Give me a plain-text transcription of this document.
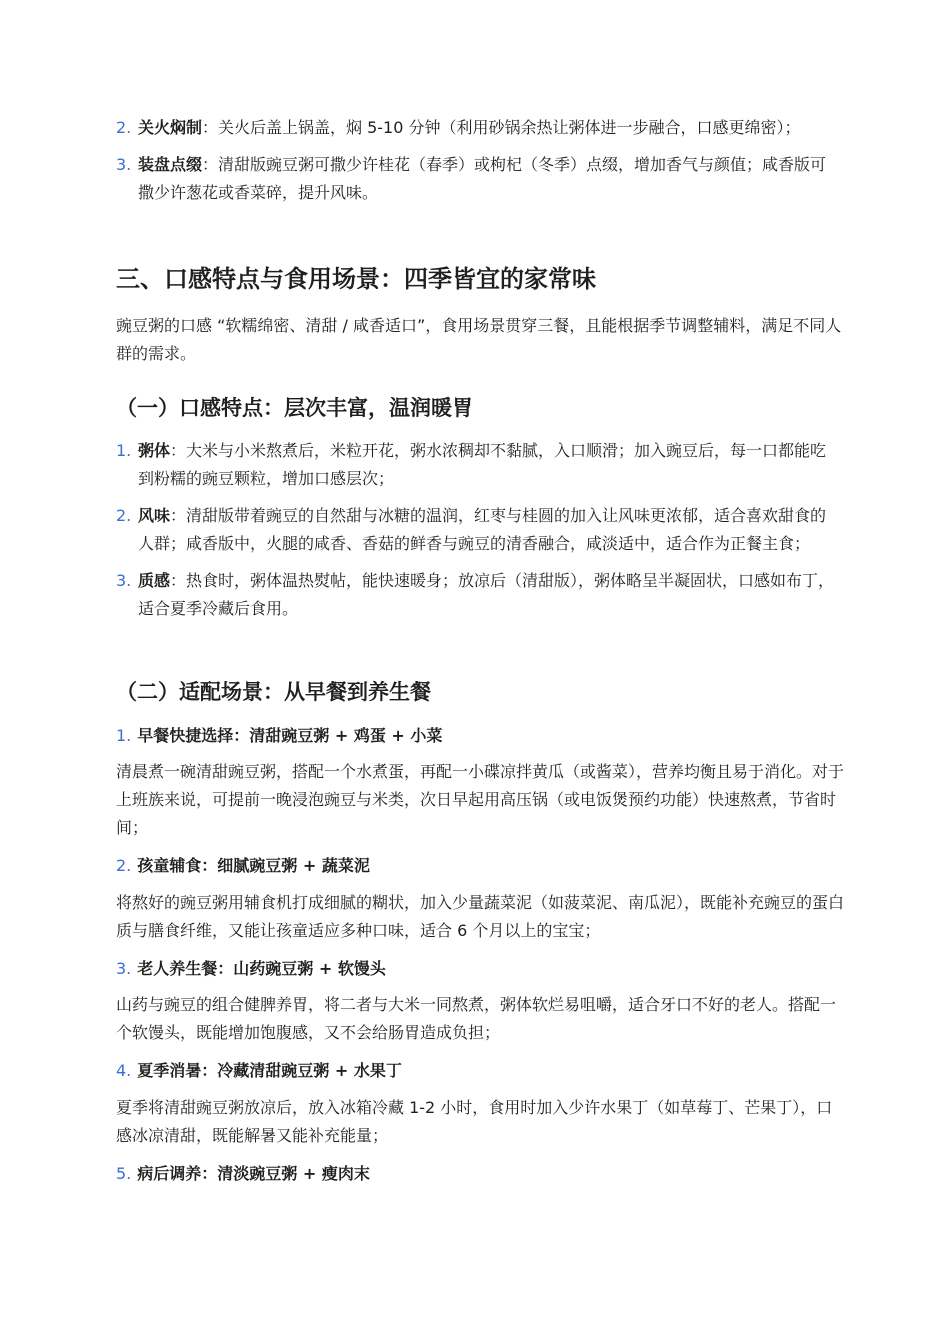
2. 关火焖制：关火后盖上锅盖，焖 5-10 分钟（利用砂锅余热让粥体进一步融合，口感更绵密）；
3. 装盘点缀：清甜版豌豆粥可撒少许桂花（春季）或枸杞（冬季）点缀，增加香气与颜值；咸香版可撒少许葱花或香菜碎，提升风味。
三、口感特点与食用场景：四季皆宜的家常味

豌豆粥的口感 “软糯绵密、清甜 / 咸香适口”，食用场景贯穿三餐，且能根据季节调整辅料，满足不同人群的需求。

（一）口感特点：层次丰富，温润暖胃
1. 粥体：大米与小米熬煮后，米粒开花，粥水浓稠却不黏腻，入口顺滑；加入豌豆后，每一口都能吃到粉糯的豌豆颗粒，增加口感层次；
2. 风味：清甜版带着豌豆的自然甜与冰糖的温润，红枣与桂圆的加入让风味更浓郁，适合喜欢甜食的人群；咸香版中，火腿的咸香、香菇的鲜香与豌豆的清香融合，咸淡适中，适合作为正餐主食；
3. 质感：热食时，粥体温热熨帖，能快速暖身；放凉后（清甜版），粥体略呈半凝固状，口感如布丁，适合夏季冷藏后食用。
（二）适配场景：从早餐到养生餐
1. 早餐快捷选择：清甜豌豆粥 + 鸡蛋 + 小菜

清晨煮一碗清甜豌豆粥，搭配一个水煮蛋，再配一小碟凉拌黄瓜（或酱菜），营养均衡且易于消化。对于上班族来说，可提前一晚浸泡豌豆与米类，次日早起用高压锅（或电饭煲预约功能）快速熬煮，节省时间；

2. 孩童辅食：细腻豌豆粥 + 蔬菜泥

将熬好的豌豆粥用辅食机打成细腻的糊状，加入少量蔬菜泥（如菠菜泥、南瓜泥），既能补充豌豆的蛋白质与膳食纤维，又能让孩童适应多种口味，适合 6 个月以上的宝宝；

3. 老人养生餐：山药豌豆粥 + 软馒头

山药与豌豆的组合健脾养胃，将二者与大米一同熬煮，粥体软烂易咀嚼，适合牙口不好的老人。搭配一个软馒头，既能增加饱腹感，又不会给肠胃造成负担；

4. 夏季消暑：冷藏清甜豌豆粥 + 水果丁

夏季将清甜豌豆粥放凉后，放入冰箱冷藏 1-2 小时，食用时加入少许水果丁（如草莓丁、芒果丁），口感冰凉清甜，既能解暑又能补充能量；

5. 病后调养：清淡豌豆粥 + 瘦肉末
